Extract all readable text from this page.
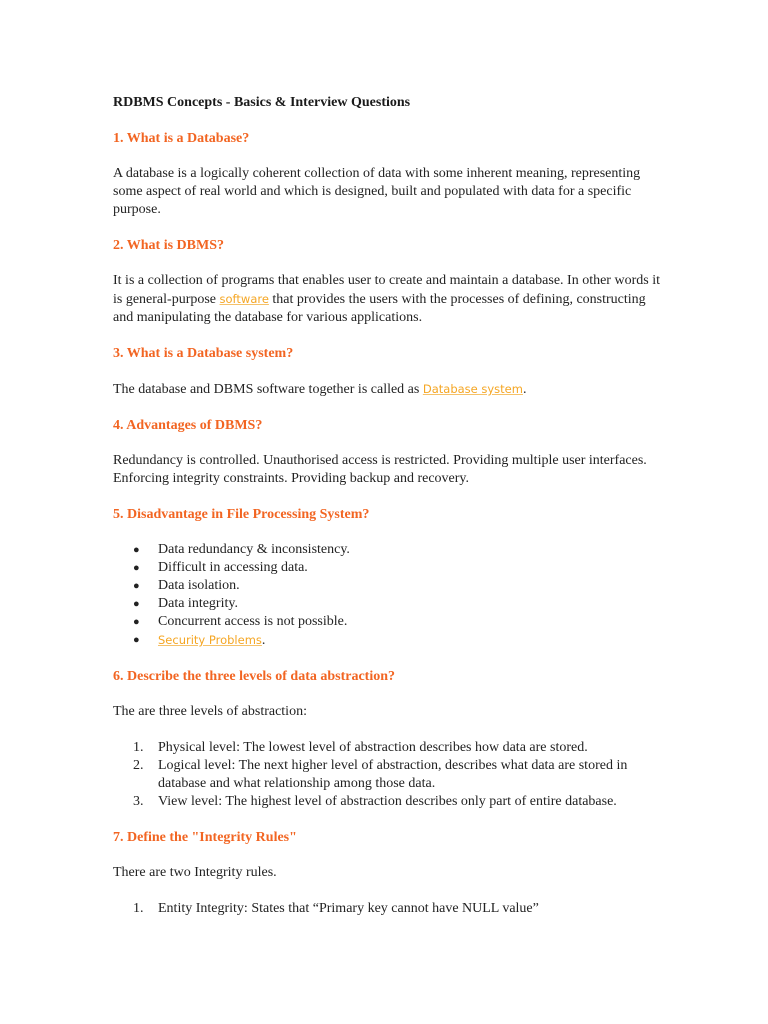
RDBMS Concepts - Basics & Interview Questions
1. What is a Database?
A database is a logically coherent collection of data with some inherent meaning, representing some aspect of real world and which is designed, built and populated with data for a specific purpose.
2. What is DBMS?
It is a collection of programs that enables user to create and maintain a database. In other words it is general-purpose software that provides the users with the processes of defining, constructing and manipulating the database for various applications.
3. What is a Database system?
The database and DBMS software together is called as Database system.
4. Advantages of DBMS?
Redundancy is controlled. Unauthorised access is restricted. Providing multiple user interfaces. Enforcing integrity constraints. Providing backup and recovery.
5. Disadvantage in File Processing System?
● Data redundancy & inconsistency.
● Difficult in accessing data.
● Data isolation.
● Data integrity.
● Concurrent access is not possible.
● Security Problems.
6. Describe the three levels of data abstraction?
The are three levels of abstraction:
1. Physical level: The lowest level of abstraction describes how data are stored.
2. Logical level: The next higher level of abstraction, describes what data are stored in database and what relationship among those data.
3. View level: The highest level of abstraction describes only part of entire database.
7. Define the "Integrity Rules"
There are two Integrity rules.
1. Entity Integrity: States that “Primary key cannot have NULL value”
